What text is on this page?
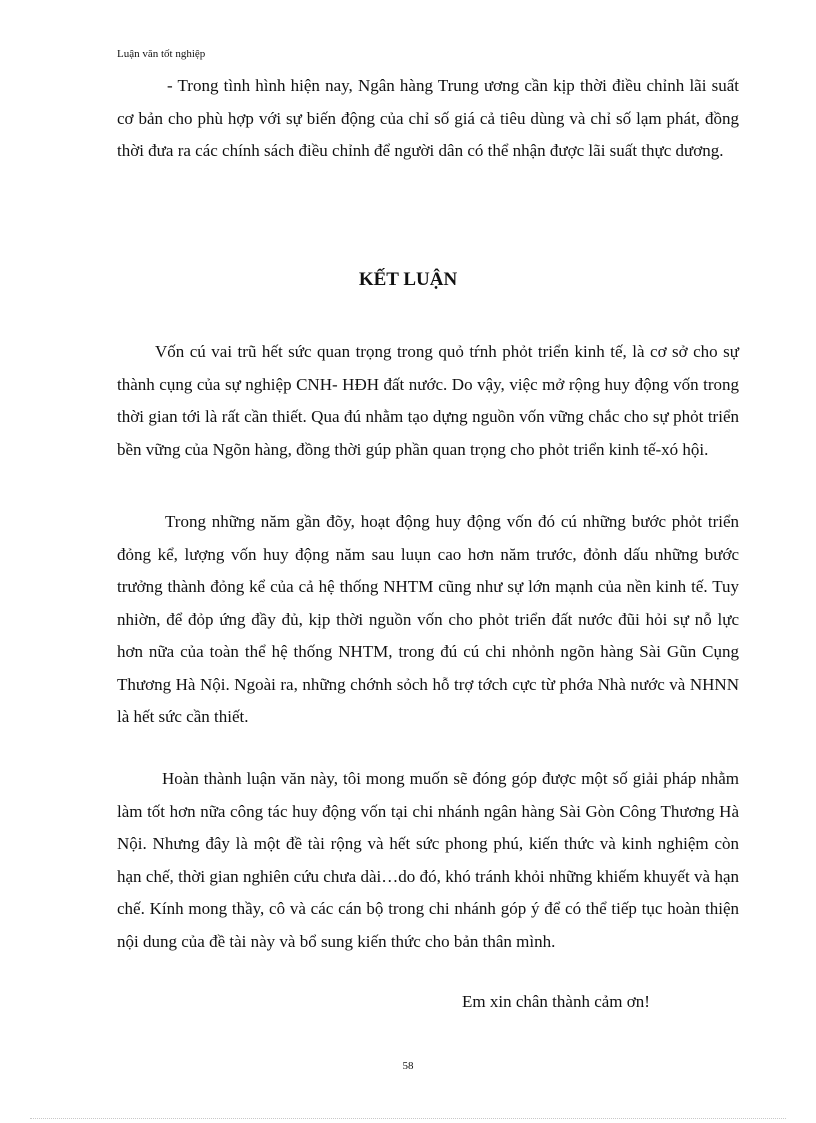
Luận văn tốt nghiệp

- Trong tình hình hiện nay, Ngân hàng Trung ương cần kịp thời điều chỉnh lãi suất cơ bản cho phù hợp với sự biến động của chỉ số giá cả tiêu dùng và chỉ số lạm phát, đồng thời đưa ra các chính sách điều chỉnh để người dân có thể nhận được lãi suất thực dương.

KẾT LUẬN

Vốn cú vai trũ hết sức quan trọng trong quỏ tŕnh phỏt triển kinh tế, là cơ sở cho sự thành cụng của sự nghiệp CNH- HĐH đất nước. Do vậy, việc mở rộng huy động vốn trong thời gian tới là rất cần thiết. Qua đú nhằm tạo dựng nguồn vốn vững chắc cho sự phỏt triển bền vững của Ngõn hàng, đồng thời gúp phần quan trọng cho phỏt triển kinh tế-xó hội.

Trong những năm gần đõy, hoạt động huy động vốn đó cú những bước phỏt triển đỏng kể, lượng vốn huy động năm sau luụn cao hơn năm trước, đỏnh dấu những bước trưởng thành đỏng kể của cả hệ thống NHTM cũng như sự lớn mạnh của nền kinh tế. Tuy nhiờn, để đỏp ứng đầy đủ, kịp thời nguồn vốn cho phỏt triển đất nước đũi hỏi sự nỗ lực hơn nữa của toàn thể hệ thống NHTM, trong đú cú chi nhỏnh ngõn hàng Sài Gũn Cụng Thương Hà Nội. Ngoài ra, những chớnh sỏch hỗ trợ tớch cực từ phớa Nhà nước và NHNN là hết sức cần thiết.

Hoàn thành luận văn này, tôi mong muốn sẽ đóng góp được một số giải pháp nhằm làm tốt hơn nữa công tác huy động vốn tại chi nhánh ngân hàng Sài Gòn Công Thương Hà Nội. Nhưng đây là một đề tài rộng và hết sức phong phú, kiến thức và kinh nghiệm còn hạn chế, thời gian nghiên cứu chưa dài…do đó, khó tránh khỏi những khiếm khuyết và hạn chế. Kính mong thầy, cô và các cán bộ trong chi nhánh góp ý để có thể tiếp tục hoàn thiện nội dung của đề tài này và bổ sung kiến thức cho bản thân mình.

Em xin chân thành cảm ơn!
58
